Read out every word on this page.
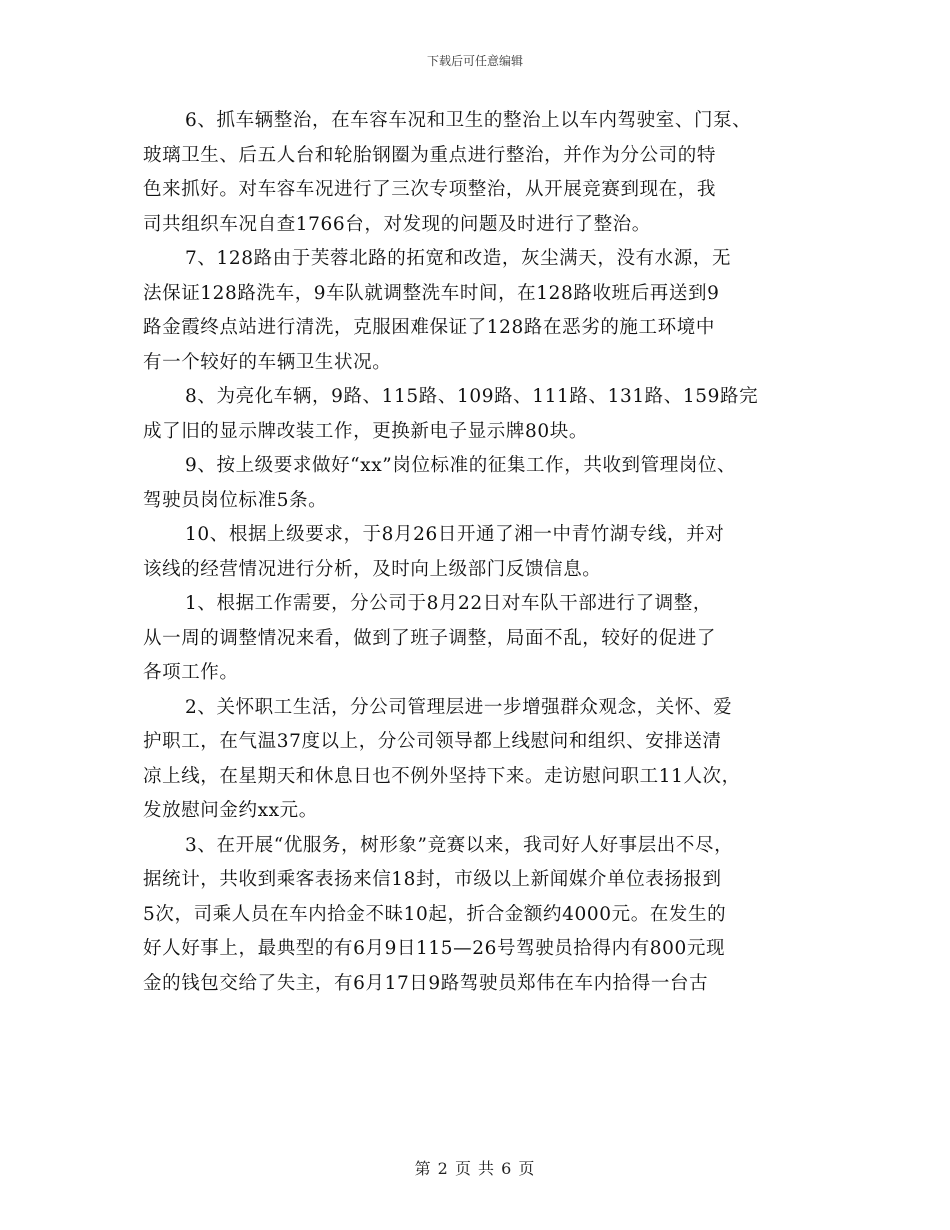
下载后可任意编辑

6、抓车辆整治，在车容车况和卫生的整治上以车内驾驶室、门泵、
玻璃卫生、后五人台和轮胎钢圈为重点进行整治，并作为分公司的特
色来抓好。对车容车况进行了三次专项整治，从开展竞赛到现在，我
司共组织车况自查1766台，对发现的问题及时进行了整治。

7、128路由于芙蓉北路的拓宽和改造，灰尘满天，没有水源，无
法保证128路洗车，9车队就调整洗车时间，在128路收班后再送到9
路金霞终点站进行清洗，克服困难保证了128路在恶劣的施工环境中
有一个较好的车辆卫生状况。

8、为亮化车辆，9路、115路、109路、111路、131路、159路完
成了旧的显示牌改装工作，更换新电子显示牌80块。

9、按上级要求做好“xx”岗位标准的征集工作，共收到管理岗位、
驾驶员岗位标准5条。

10、根据上级要求，于8月26日开通了湘一中青竹湖专线，并对
该线的经营情况进行分析，及时向上级部门反馈信息。

1、根据工作需要，分公司于8月22日对车队干部进行了调整，
从一周的调整情况来看，做到了班子调整，局面不乱，较好的促进了
各项工作。

2、关怀职工生活，分公司管理层进一步增强群众观念，关怀、爱
护职工，在气温37度以上，分公司领导都上线慰问和组织、安排送清
凉上线，在星期天和休息日也不例外坚持下来。走访慰问职工11人次，
发放慰问金约xx元。

3、在开展“优服务，树形象”竞赛以来，我司好人好事层出不尽，
据统计，共收到乘客表扬来信18封，市级以上新闻媒介单位表扬报到
5次，司乘人员在车内拾金不昧10起，折合金额约4000元。在发生的
好人好事上，最典型的有6月9日115—26号驾驶员拾得内有800元现
金的钱包交给了失主，有6月17日9路驾驶员郑伟在车内拾得一台古

第 2 页 共 6 页
